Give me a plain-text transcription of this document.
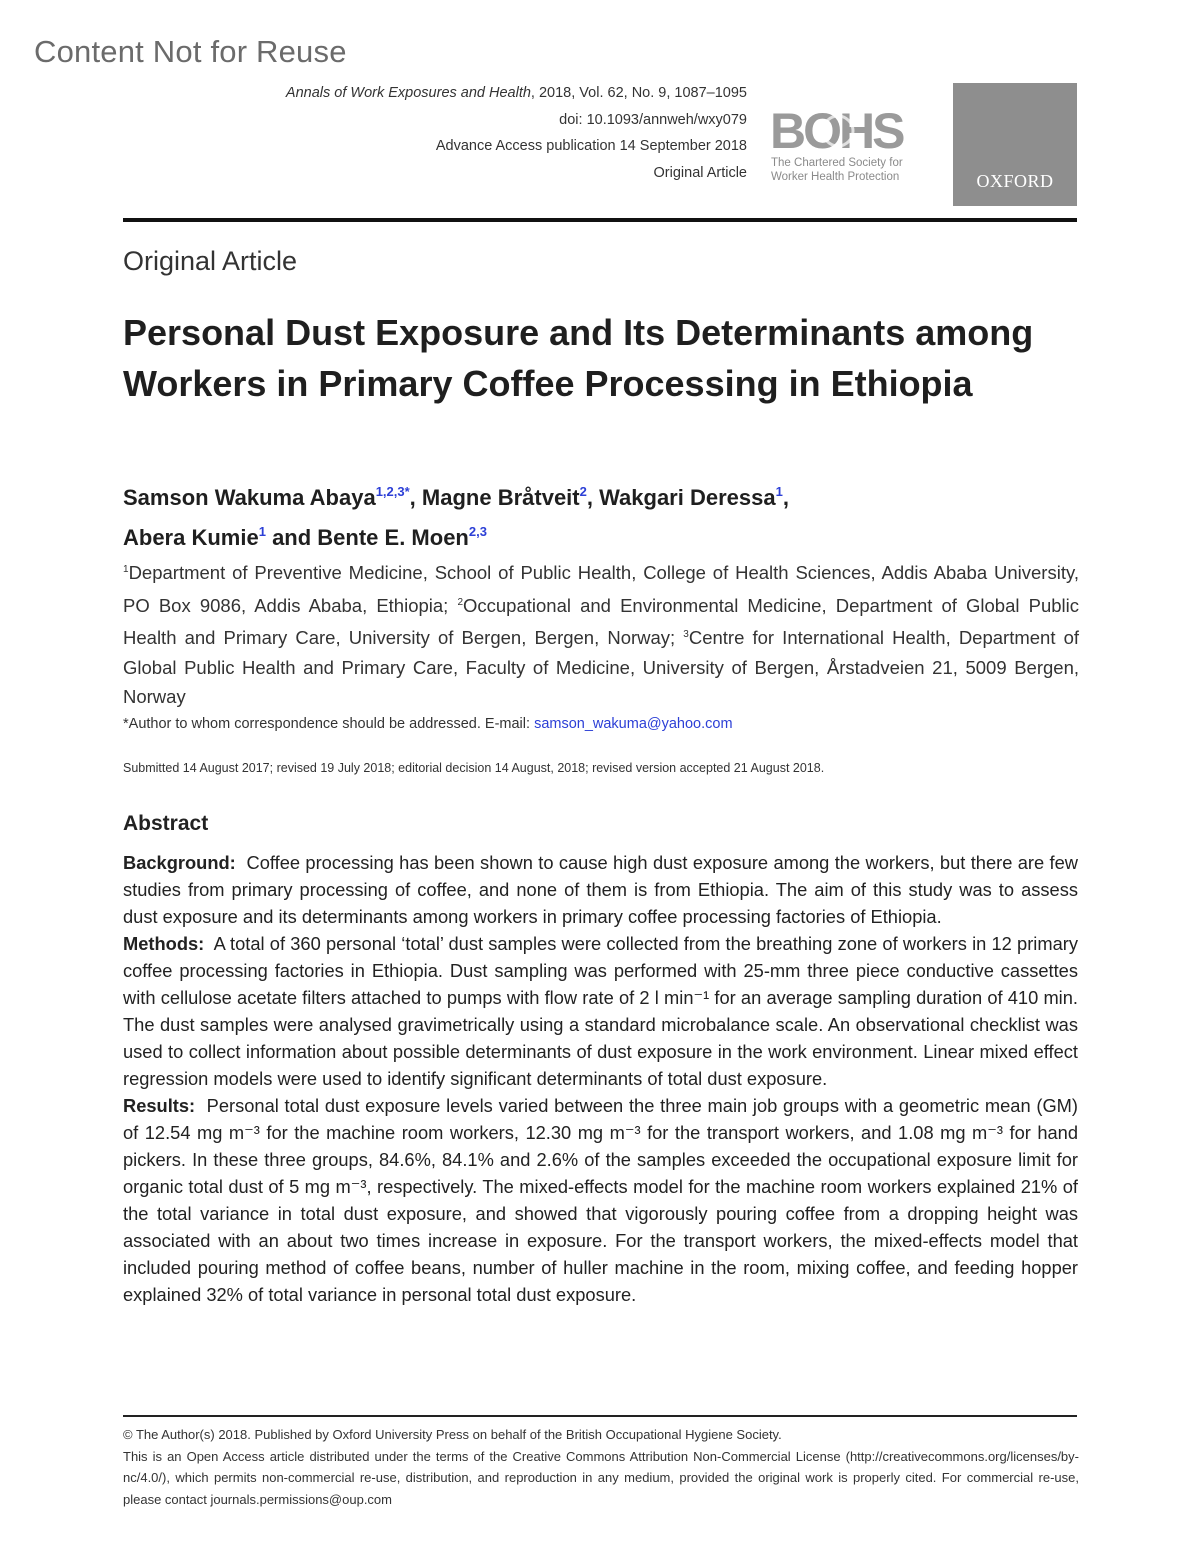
Content Not for Reuse
Annals of Work Exposures and Health, 2018, Vol. 62, No. 9, 1087–1095
doi: 10.1093/annweh/wxy079
Advance Access publication 14 September 2018
Original Article
BOHS
The Chartered Society for
Worker Health Protection	OXFORD
Original Article
Personal Dust Exposure and Its Determinants among Workers in Primary Coffee Processing in Ethiopia
Samson Wakuma Abaya$^{1,2,3*}$, Magne Bråtveit$^2$, Wakgari Deressa$^1$,
Abera Kumie$^1$ and Bente E. Moen$^{2,3}$
$^1$Department of Preventive Medicine, School of Public Health, College of Health Sciences, Addis Ababa University, PO Box 9086, Addis Ababa, Ethiopia; $^2$Occupational and Environmental Medicine, Department of Global Public Health and Primary Care, University of Bergen, Bergen, Norway; $^3$Centre for International Health, Department of Global Public Health and Primary Care, Faculty of Medicine, University of Bergen, Årstadveien 21, 5009 Bergen, Norway
*Author to whom correspondence should be addressed. E-mail: samson_wakuma@yahoo.com
Submitted 14 August 2017; revised 19 July 2018; editorial decision 14 August, 2018; revised version accepted 21 August 2018.
Abstract

Background: Coffee processing has been shown to cause high dust exposure among the workers, but there are few studies from primary processing of coffee, and none of them is from Ethiopia. The aim of this study was to assess dust exposure and its determinants among workers in primary coffee processing factories of Ethiopia.

Methods: A total of 360 personal ‘total’ dust samples were collected from the breathing zone of workers in 12 primary coffee processing factories in Ethiopia. Dust sampling was performed with 25-mm three piece conductive cassettes with cellulose acetate filters attached to pumps with flow rate of 2 l min⁻¹ for an average sampling duration of 410 min. The dust samples were analysed gravimetrically using a standard microbalance scale. An observational checklist was used to collect information about possible determinants of dust exposure in the work environment. Linear mixed effect regression models were used to identify significant determinants of total dust exposure.

Results: Personal total dust exposure levels varied between the three main job groups with a geometric mean (GM) of 12.54 mg m⁻³ for the machine room workers, 12.30 mg m⁻³ for the transport workers, and 1.08 mg m⁻³ for hand pickers. In these three groups, 84.6%, 84.1% and 2.6% of the samples exceeded the occupational exposure limit for organic total dust of 5 mg m⁻³, respectively. The mixed-effects model for the machine room workers explained 21% of the total variance in total dust exposure, and showed that vigorously pouring coffee from a dropping height was associated with an about two times increase in exposure. For the transport workers, the mixed-effects model that included pouring method of coffee beans, number of huller machine in the room, mixing coffee, and feeding hopper explained 32% of total variance in personal total dust exposure.

© The Author(s) 2018. Published by Oxford University Press on behalf of the British Occupational Hygiene Society.

This is an Open Access article distributed under the terms of the Creative Commons Attribution Non-Commercial License (http://creativecommons.org/licenses/by-nc/4.0/), which permits non-commercial re-use, distribution, and reproduction in any medium, provided the original work is properly cited. For commercial re-use, please contact journals.permissions@oup.com
